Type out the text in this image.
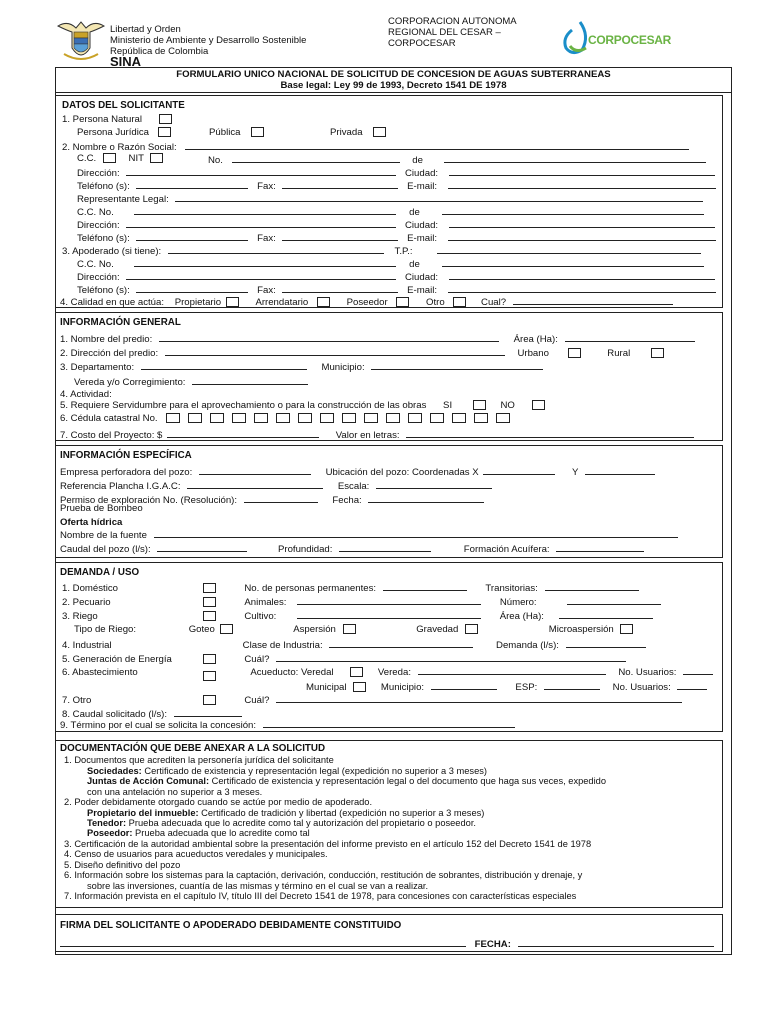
Libertad y Orden
Ministerio de Ambiente y Desarrollo Sostenible
República de Colombia
SINA
CORPORACION AUTONOMA
REGIONAL DEL CESAR –
CORPOCESAR	CORPOCESAR
FORMULARIO UNICO NACIONAL DE SOLICITUD DE CONCESION DE AGUAS SUBTERRANEAS
Base legal: Ley 99 de 1993, Decreto 1541 DE 1978
DATOS DEL SOLICITANTE
1. Persona Natural
Persona Jurídica	Pública	Privada
2. Nombre o Razón Social:
C.C.	NIT	No.	de
Dirección:	Ciudad:
Teléfono (s):	Fax:	E-mail:
Representante Legal:
C.C. No.	de
Dirección:	Ciudad:
Teléfono (s):	Fax:	E-mail:
3. Apoderado (si tiene):	T.P.:
C.C. No.	de
Dirección:	Ciudad:
Teléfono (s):	Fax:	E-mail:
4. Calidad en que actúa: Propietario	Arrendatario	Poseedor	Otro	Cual?
INFORMACIÓN GENERAL
1. Nombre del predio:	Área (Ha):
2. Dirección del predio:	Urbano	Rural
3. Departamento:	Municipio:
Vereda y/o Corregimiento:
4. Actividad:
5. Requiere Servidumbre para el aprovechamiento o para la construcción de las obras SI	NO
6. Cédula catastral No.
7. Costo del Proyecto: $	Valor en letras:
INFORMACIÓN ESPECÍFICA
Empresa perforadora del pozo:	Ubicación del pozo: Coordenadas X	Y
Referencia Plancha I.G.A.C:	Escala:
Permiso de exploración No. (Resolución):	Fecha:
Prueba de Bombeo
Oferta hídrica
Nombre de la fuente
Caudal del pozo (l/s):	Profundidad:	Formación Acuífera:
DEMANDA / USO
1. Doméstico	No. de personas permanentes:	Transitorias:
2. Pecuario	Animales:	Número:
3. Riego	Cultivo:	Área (Ha):
Tipo de Riego:	Goteo	Aspersión	Gravedad	Microaspersión
4. Industrial	Clase de Industria:	Demanda (l/s):
5. Generación de Energía	Cuál?
6. Abastecimiento	Acueducto: Veredal	Vereda:	No. Usuarios:
Municipal	Municipio:	ESP:	No. Usuarios:
7. Otro	Cuál?
8. Caudal solicitado (l/s):
9. Término por el cual se solicita la concesión:
DOCUMENTACIÓN QUE DEBE ANEXAR A LA SOLICITUD
1. Documentos que acrediten la personería jurídica del solicitante
Sociedades: Certificado de existencia y representación legal (expedición no superior a 3 meses)
Juntas de Acción Comunal: Certificado de existencia y representación legal o del documento que haga sus veces, expedido
con una antelación no superior a 3 meses.
2. Poder debidamente otorgado cuando se actúe por medio de apoderado.
Propietario del inmueble: Certificado de tradición y libertad (expedición no superior a 3 meses)
Tenedor: Prueba adecuada que lo acredite como tal y autorización del propietario o poseedor.
Poseedor: Prueba adecuada que lo acredite como tal
3. Certificación de la autoridad ambiental sobre la presentación del informe previsto en el artículo 152 del Decreto 1541 de 1978
4. Censo de usuarios para acueductos veredales y municipales.
5. Diseño definitivo del pozo
6. Información sobre los sistemas para la captación, derivación, conducción, restitución de sobrantes, distribución y drenaje, y
sobre las inversiones, cuantía de las mismas y término en el cual se van a realizar.
7. Información prevista en el capítulo IV, título III del Decreto 1541 de 1978, para concesiones con características especiales
FIRMA DEL SOLICITANTE O APODERADO DEBIDAMENTE CONSTITUIDO
FECHA:
